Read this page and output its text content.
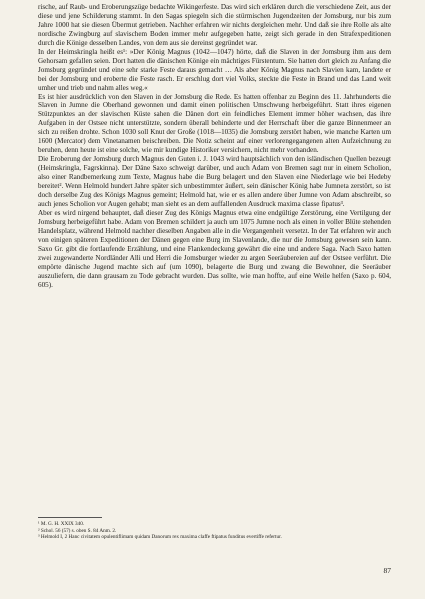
rische, auf Raub- und Eroberungszüge bedachte Wikingerfeste. Das wird sich erklären durch die verschiedene Zeit, aus der diese und jene Schilderung stammt. In den Sagas spiegeln sich die stürmischen Jugendzeiten der Jomsburg, nur bis zum Jahre 1000 hat sie diesen Übermut getrieben. Nachher erfahren wir nichts dergleichen mehr. Und daß sie ihre Rolle als alte nordische Zwingburg auf slavischem Boden immer mehr aufgegeben hatte, zeigt sich gerade in den Strafexpeditionen durch die Könige desselben Landes, von dem aus sie dereinst gegründet war.

In der Heimskringla heißt es¹: »Der König Magnus (1042—1047) hörte, daß die Slaven in der Jomsburg ihm aus dem Gehorsam gefallen seien. Dort hatten die dänischen Könige ein mächtiges Fürstentum. Sie hatten dort gleich zu Anfang die Jomsburg gegründet und eine sehr starke Feste daraus gemacht … Als aber König Magnus nach Slavien kam, landete er bei der Jomsburg und eroberte die Feste rasch. Er erschlug dort viel Volks, steckte die Feste in Brand und das Land weit umher und trieb und nahm alles weg.«

Es ist hier ausdrücklich von den Slaven in der Jomsburg die Rede. Es hatten offenbar zu Beginn des 11. Jahrhunderts die Slaven in Jumne die Oberhand gewonnen und damit einen politischen Umschwung herbeigeführt. Statt ihres eigenen Stützpunktes an der slavischen Küste sahen die Dänen dort ein feindliches Element immer höher wachsen, das ihre Aufgaben in der Ostsee nicht unterstützte, sondern überall behinderte und der Herrschaft über die ganze Binnenmeer an sich zu reißen drohte. Schon 1030 soll Knut der Große (1018—1035) die Jomsburg zerstört haben, wie manche Karten um 1600 (Mercator) dem Vinetanamen beischreiben. Die Notiz scheint auf einer verlorengegangenen alten Aufzeichnung zu beruhen, denn heute ist eine solche, wie mir kundige Historiker versichern, nicht mehr vorhanden.

Die Eroberung der Jomsburg durch Magnus den Guten i. J. 1043 wird hauptsächlich von den isländischen Quellen bezeugt (Heimskringla, Fagrskinna). Der Däne Saxo schweigt darüber, und auch Adam von Bremen sagt nur in einem Scholion, also einer Randbemerkung zum Texte, Magnus habe die Burg belagert und den Slaven eine Niederlage wie bei Hedeby bereitet². Wenn Helmold hundert Jahre später sich unbestimmter äußert, sein dänischer König habe Jumneta zerstört, so ist doch derselbe Zug des Königs Magnus gemeint; Helmold hat, wie er es allen andere über Jumne von Adam abschreibt, so auch jenes Scholion vor Augen gehabt; man sieht es an dem auffallenden Ausdruck maxima classe fipatus³.

Aber es wird nirgend behauptet, daß dieser Zug des Königs Magnus etwa eine endgültige Zerstörung, eine Vertilgung der Jomsburg herbeigeführt habe. Adam von Bremen schildert ja auch um 1075 Jumne noch als einen in voller Blüte stehenden Handelsplatz, während Helmold nachher dieselben Angaben alle in die Vergangenheit versetzt. In der Tat erfahren wir auch von einigen späteren Expeditionen der Dänen gegen eine Burg im Slavenlande, die nur die Jomsburg gewesen sein kann. Saxo Gr. gibt die fortlaufende Erzählung, und eine Flankendeckung gewährt die eine und andere Saga. Nach Saxo hatten zwei zugewanderte Nordländer Alli und Herri die Jomsburger wieder zu argen Seeräubereien auf der Ostsee verführt. Die empörte dänische Jugend machte sich auf (um 1090), belagerte die Burg und zwang die Bewohner, die Seeräuber auszuliefern, die dann grausam zu Tode gebracht wurden. Das sollte, wie man hoffte, auf eine Weile helfen (Saxo p. 604, 605).

¹ M. G. H. XXIX 340.

² Schol. 56 (57) s. oben S. 84 Anm. 2.

³ Helmold I, 2 Hanc civitatem opulentiflimam quidam Danorum rex maxima claffe ftipatus funditus evertiffe refertur.

87
